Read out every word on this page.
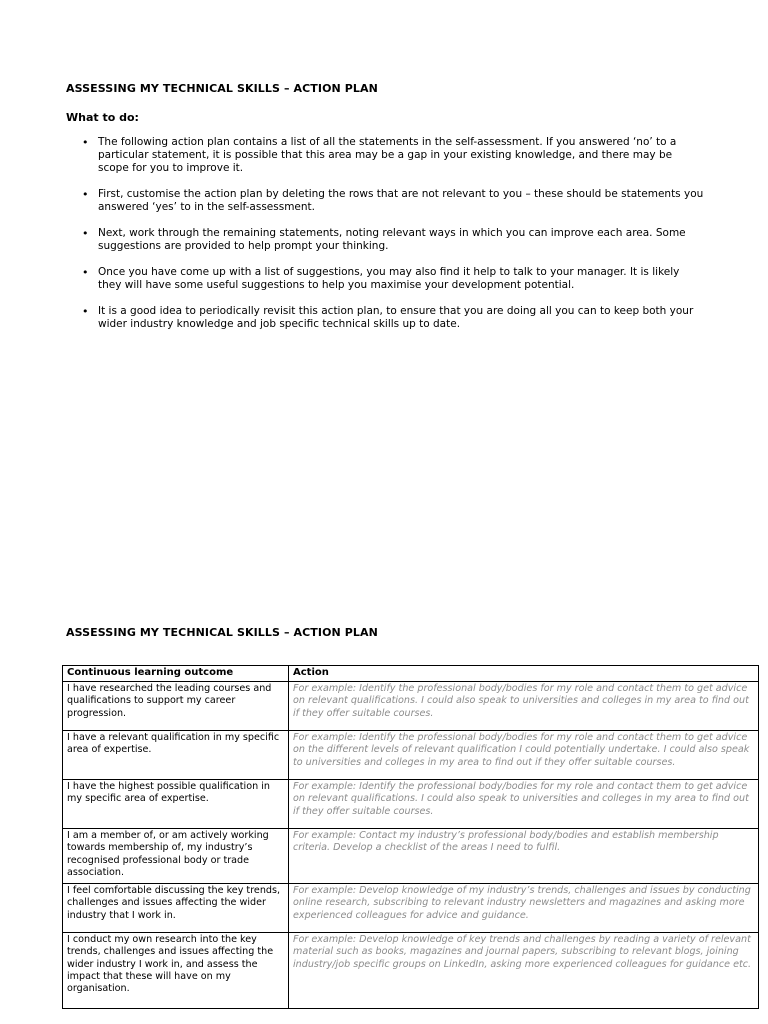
ASSESSING MY TECHNICAL SKILLS – ACTION PLAN
What to do:
• The following action plan contains a list of all the statements in the self-assessment. If you answered ‘no’ to a particular statement, it is possible that this area may be a gap in your existing knowledge, and there may be scope for you to improve it.
• First, customise the action plan by deleting the rows that are not relevant to you – these should be statements you answered ‘yes’ to in the self-assessment.
• Next, work through the remaining statements, noting relevant ways in which you can improve each area. Some suggestions are provided to help prompt your thinking.
• Once you have come up with a list of suggestions, you may also find it help to talk to your manager. It is likely they will have some useful suggestions to help you maximise your development potential.
• It is a good idea to periodically revisit this action plan, to ensure that you are doing all you can to keep both your wider industry knowledge and job specific technical skills up to date.
ASSESSING MY TECHNICAL SKILLS – ACTION PLAN
Continuous learning outcome	Action
I have researched the leading courses and qualifications to support my career progression.	For example: Identify the professional body/bodies for my role and contact them to get advice on relevant qualifications. I could also speak to universities and colleges in my area to find out if they offer suitable courses.
I have a relevant qualification in my specific area of expertise.	For example: Identify the professional body/bodies for my role and contact them to get advice on the different levels of relevant qualification I could potentially undertake. I could also speak to universities and colleges in my area to find out if they offer suitable courses.
I have the highest possible qualification in my specific area of expertise.	For example: Identify the professional body/bodies for my role and contact them to get advice on relevant qualifications. I could also speak to universities and colleges in my area to find out if they offer suitable courses.
I am a member of, or am actively working towards membership of, my industry’s recognised professional body or trade association.	For example: Contact my industry’s professional body/bodies and establish membership criteria. Develop a checklist of the areas I need to fulfil.
I feel comfortable discussing the key trends, challenges and issues affecting the wider industry that I work in.	For example: Develop knowledge of my industry’s trends, challenges and issues by conducting online research, subscribing to relevant industry newsletters and magazines and asking more experienced colleagues for advice and guidance.
I conduct my own research into the key trends, challenges and issues affecting the wider industry I work in, and assess the impact that these will have on my organisation.	For example: Develop knowledge of key trends and challenges by reading a variety of relevant material such as books, magazines and journal papers, subscribing to relevant blogs, joining industry/job specific groups on LinkedIn, asking more experienced colleagues for guidance etc.
